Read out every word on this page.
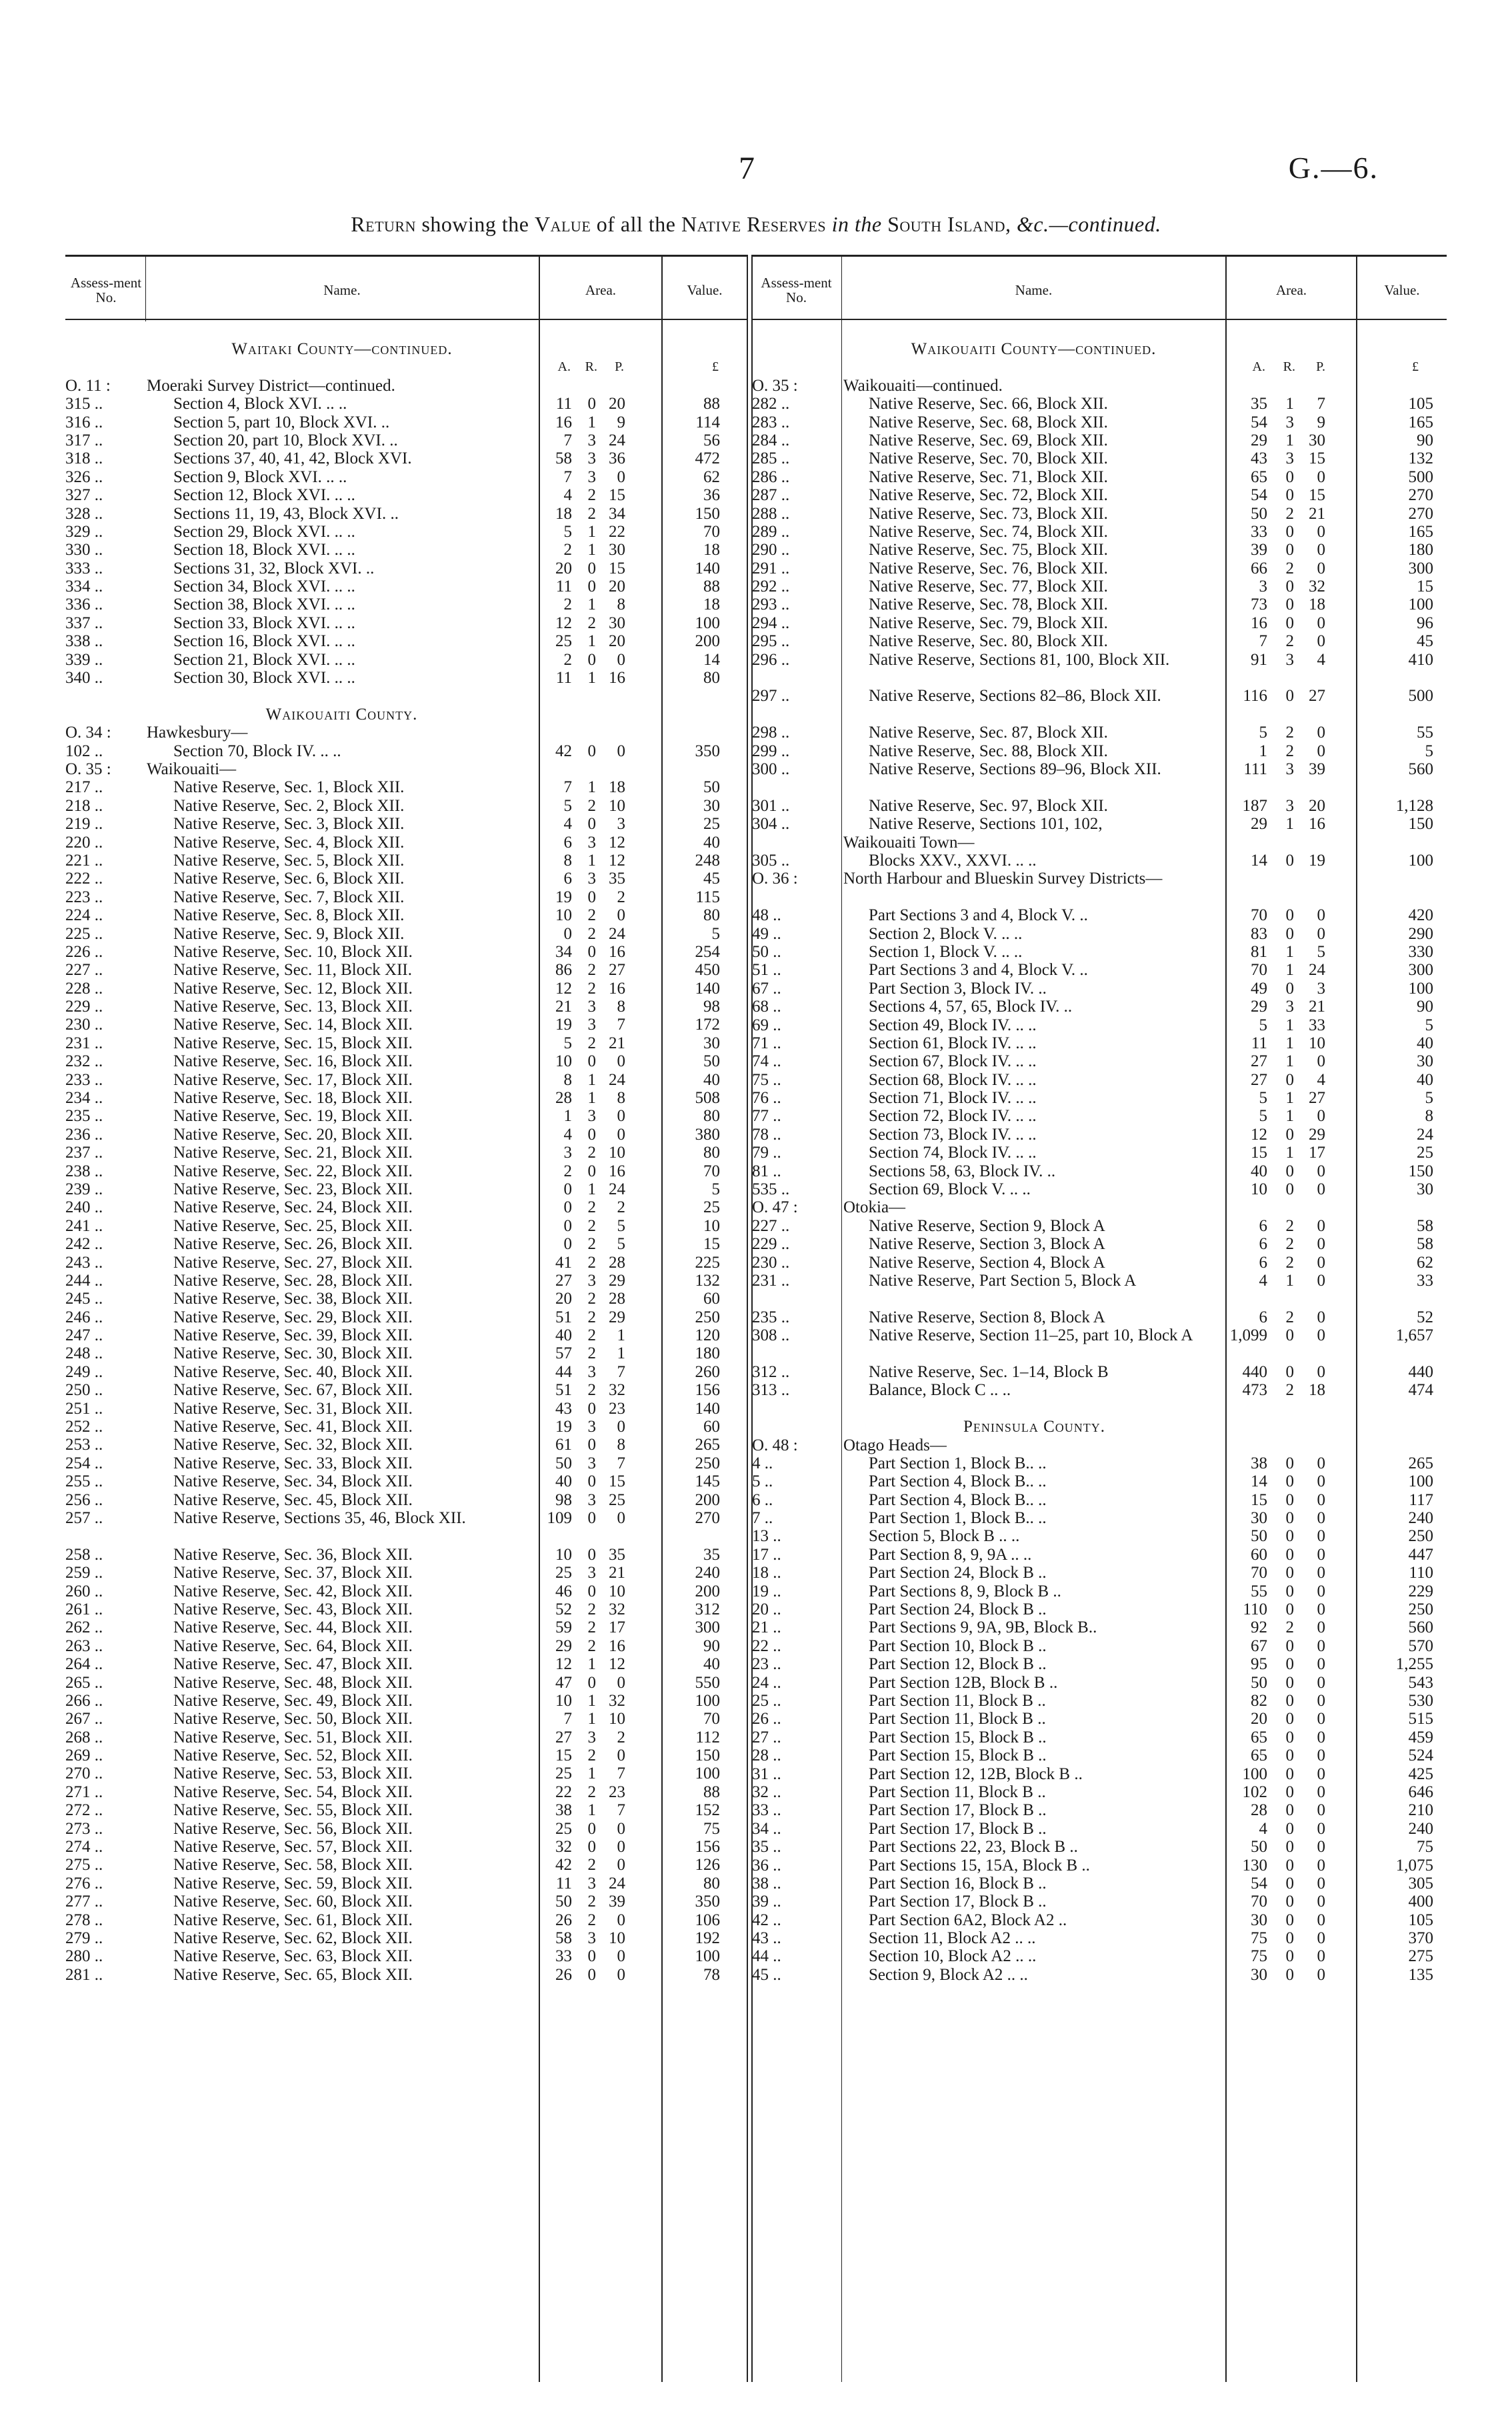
7	G.—6.
Return showing the Value of all the Native Reserves in the South Island, &c.—continued.
Assess-ment No.	Name.	Area.	Value.	Assess-ment No.	Name.	Area.	Value.
Waitaki County—continued.
A.	R.	P.	£
O. 11 :	Moeraki Survey District—continued.
315 ..	Section 4, Block XVI. .. ..	11 0 20	88
316 ..	Section 5, part 10, Block XVI. ..	16 1	9	114
317 ..	Section 20, part 10, Block XVI. ..	7 3 24	56
318 ..	Sections 37, 40, 41, 42, Block XVI.	58 3 36	472
326 ..	Section 9, Block XVI. .. ..	7 3	0	62
327 ..	Section 12, Block XVI. .. ..	4 2 15	36
328 ..	Sections 11, 19, 43, Block XVI. ..	18 2 34	150
329 ..	Section 29, Block XVI. .. ..	5 1 22	70
330 ..	Section 18, Block XVI. .. ..	2 1 30	18
333 ..	Sections 31, 32, Block XVI. ..	20 0 15	140
334 ..	Section 34, Block XVI. .. ..	11 0 20	88
336 ..	Section 38, Block XVI. .. ..	2 1	8	18
337 ..	Section 33, Block XVI. .. ..	12 2 30	100
338 ..	Section 16, Block XVI. .. ..	25 1 20	200
339 ..	Section 21, Block XVI. .. ..	2 0	0	14
340 ..	Section 30, Block XVI. .. ..	11 1 16	80
Waikouaiti County.
O. 34 :	Hawkesbury—
102 ..	Section 70, Block IV. .. ..	42 0	0	350
O. 35 :	Waikouaiti—
217 ..	Native Reserve, Sec. 1, Block XII.	7 1 18	50
218 ..	Native Reserve, Sec. 2, Block XII.	5 2 10	30
219 ..	Native Reserve, Sec. 3, Block XII.	4 0	3	25
220 ..	Native Reserve, Sec. 4, Block XII.	6 3 12	40
221 ..	Native Reserve, Sec. 5, Block XII.	8 1 12	248
222 ..	Native Reserve, Sec. 6, Block XII.	6 3 35	45
223 ..	Native Reserve, Sec. 7, Block XII.	19 0	2	115
224 ..	Native Reserve, Sec. 8, Block XII.	10 2	0	80
225 ..	Native Reserve, Sec. 9, Block XII.	0 2 24	5
226 ..	Native Reserve, Sec. 10, Block XII.	34 0 16	254
227 ..	Native Reserve, Sec. 11, Block XII.	86 2 27	450
228 ..	Native Reserve, Sec. 12, Block XII.	12 2 16	140
229 ..	Native Reserve, Sec. 13, Block XII.	21 3	8	98
230 ..	Native Reserve, Sec. 14, Block XII.	19 3	7	172
231 ..	Native Reserve, Sec. 15, Block XII.	5 2 21	30
232 ..	Native Reserve, Sec. 16, Block XII.	10 0	0	50
233 ..	Native Reserve, Sec. 17, Block XII.	8 1 24	40
234 ..	Native Reserve, Sec. 18, Block XII.	28 1	8	508
235 ..	Native Reserve, Sec. 19, Block XII.	1 3	0	80
236 ..	Native Reserve, Sec. 20, Block XII.	4 0	0	380
237 ..	Native Reserve, Sec. 21, Block XII.	3 2 10	80
238 ..	Native Reserve, Sec. 22, Block XII.	2 0 16	70
239 ..	Native Reserve, Sec. 23, Block XII.	0 1 24	5
240 ..	Native Reserve, Sec. 24, Block XII.	0 2	2	25
241 ..	Native Reserve, Sec. 25, Block XII.	0 2	5	10
242 ..	Native Reserve, Sec. 26, Block XII.	0 2	5	15
243 ..	Native Reserve, Sec. 27, Block XII.	41 2 28	225
244 ..	Native Reserve, Sec. 28, Block XII.	27 3 29	132
245 ..	Native Reserve, Sec. 38, Block XII.	20 2 28	60
246 ..	Native Reserve, Sec. 29, Block XII.	51 2 29	250
247 ..	Native Reserve, Sec. 39, Block XII.	40 2	1	120
248 ..	Native Reserve, Sec. 30, Block XII.	57 2	1	180
249 ..	Native Reserve, Sec. 40, Block XII.	44 3	7	260
250 ..	Native Reserve, Sec. 67, Block XII.	51 2 32	156
251 ..	Native Reserve, Sec. 31, Block XII.	43 0 23	140
252 ..	Native Reserve, Sec. 41, Block XII.	19 3	0	60
253 ..	Native Reserve, Sec. 32, Block XII.	61 0	8	265
254 ..	Native Reserve, Sec. 33, Block XII.	50 3	7	250
255 ..	Native Reserve, Sec. 34, Block XII.	40 0 15	145
256 ..	Native Reserve, Sec. 45, Block XII.	98 3 25	200
257 ..	Native Reserve, Sections 35, 46, Block XII.	109 0	0	270
258 ..	Native Reserve, Sec. 36, Block XII.	10 0 35	35
259 ..	Native Reserve, Sec. 37, Block XII.	25 3 21	240
260 ..	Native Reserve, Sec. 42, Block XII.	46 0 10	200
261 ..	Native Reserve, Sec. 43, Block XII.	52 2 32	312
262 ..	Native Reserve, Sec. 44, Block XII.	59 2 17	300
263 ..	Native Reserve, Sec. 64, Block XII.	29 2 16	90
264 ..	Native Reserve, Sec. 47, Block XII.	12 1 12	40
265 ..	Native Reserve, Sec. 48, Block XII.	47 0	0	550
266 ..	Native Reserve, Sec. 49, Block XII.	10 1 32	100
267 ..	Native Reserve, Sec. 50, Block XII.	7 1 10	70
268 ..	Native Reserve, Sec. 51, Block XII.	27 3	2	112
269 ..	Native Reserve, Sec. 52, Block XII.	15 2	0	150
270 ..	Native Reserve, Sec. 53, Block XII.	25 1	7	100
271 ..	Native Reserve, Sec. 54, Block XII.	22 2 23	88
272 ..	Native Reserve, Sec. 55, Block XII.	38 1	7	152
273 ..	Native Reserve, Sec. 56, Block XII.	25 0	0	75
274 ..	Native Reserve, Sec. 57, Block XII.	32 0	0	156
275 ..	Native Reserve, Sec. 58, Block XII.	42 2	0	126
276 ..	Native Reserve, Sec. 59, Block XII.	11 3 24	80
277 ..	Native Reserve, Sec. 60, Block XII.	50 2 39	350
278 ..	Native Reserve, Sec. 61, Block XII.	26 2	0	106
279 ..	Native Reserve, Sec. 62, Block XII.	58 3 10	192
280 ..	Native Reserve, Sec. 63, Block XII.	33 0	0	100
281 ..	Native Reserve, Sec. 65, Block XII.	26 0	0	78
Waikouaiti County—continued.
A.	R.	P.	£
O. 35 :	Waikouaiti—continued.
282 ..	Native Reserve, Sec. 66, Block XII.	35	1	7	105
283 ..	Native Reserve, Sec. 68, Block XII.	54	3	9	165
284 ..	Native Reserve, Sec. 69, Block XII.	29	1 30	90
285 ..	Native Reserve, Sec. 70, Block XII.	43	3 15	132
286 ..	Native Reserve, Sec. 71, Block XII.	65	0	0	500
287 ..	Native Reserve, Sec. 72, Block XII.	54	0 15	270
288 ..	Native Reserve, Sec. 73, Block XII.	50	2 21	270
289 ..	Native Reserve, Sec. 74, Block XII.	33	0	0	165
290 ..	Native Reserve, Sec. 75, Block XII.	39	0	0	180
291 ..	Native Reserve, Sec. 76, Block XII.	66	2	0	300
292 ..	Native Reserve, Sec. 77, Block XII.	3	0 32	15
293 ..	Native Reserve, Sec. 78, Block XII.	73	0 18	100
294 ..	Native Reserve, Sec. 79, Block XII.	16	0	0	96
295 ..	Native Reserve, Sec. 80, Block XII.	7	2	0	45
296 ..	Native Reserve, Sections 81, 100, Block XII.	91	3	4	410
297 ..	Native Reserve, Sections 82–86, Block XII.	116	0 27	500
298 ..	Native Reserve, Sec. 87, Block XII.	5	2	0	55
299 ..	Native Reserve, Sec. 88, Block XII.	1	2	0	5
300 ..	Native Reserve, Sections 89–96, Block XII.	111	3 39	560
301 ..	Native Reserve, Sec. 97, Block XII.	187	3 20	1,128
304 ..	Native Reserve, Sections 101, 102,	29	1 16	150
Waikouaiti Town—
305 ..	Blocks XXV., XXVI. .. ..	14	0 19	100
O. 36 :	North Harbour and Blueskin Survey Districts—
48 ..	Part Sections 3 and 4, Block V. ..	70	0	0	420
49 ..	Section 2, Block V. .. ..	83	0	0	290
50 ..	Section 1, Block V. .. ..	81	1	5	330
51 ..	Part Sections 3 and 4, Block V. ..	70	1 24	300
67 ..	Part Section 3, Block IV. ..	49	0	3	100
68 ..	Sections 4, 57, 65, Block IV. ..	29	3 21	90
69 ..	Section 49, Block IV. .. ..	5	1 33	5
71 ..	Section 61, Block IV. .. ..	11	1 10	40
74 ..	Section 67, Block IV. .. ..	27	1	0	30
75 ..	Section 68, Block IV. .. ..	27	0	4	40
76 ..	Section 71, Block IV. .. ..	5	1 27	5
77 ..	Section 72, Block IV. .. ..	5	1	0	8
78 ..	Section 73, Block IV. .. ..	12	0 29	24
79 ..	Section 74, Block IV. .. ..	15	1 17	25
81 ..	Sections 58, 63, Block IV. ..	40	0	0	150
535 ..	Section 69, Block V. .. ..	10	0	0	30
O. 47 :	Otokia—
227 ..	Native Reserve, Section 9, Block A	6	2	0	58
229 ..	Native Reserve, Section 3, Block A	6	2	0	58
230 ..	Native Reserve, Section 4, Block A	6	2	0	62
231 ..	Native Reserve, Part Section 5, Block A	4	1	0	33
235 ..	Native Reserve, Section 8, Block A	6	2	0	52
308 ..	Native Reserve, Section 11–25, part 10, Block A	1,099	0	0	1,657
312 ..	Native Reserve, Sec. 1–14, Block B	440	0	0	440
313 ..	Balance, Block C .. ..	473	2 18	474
Peninsula County.
O. 48 :	Otago Heads—
4 ..	Part Section 1, Block B.. ..	38	0	0	265
5 ..	Part Section 4, Block B.. ..	14	0	0	100
6 ..	Part Section 4, Block B.. ..	15	0	0	117
7 ..	Part Section 1, Block B.. ..	30	0	0	240
13 ..	Section 5, Block B .. ..	50	0	0	250
17 ..	Part Section 8, 9, 9A .. ..	60	0	0	447
18 ..	Part Section 24, Block B ..	70	0	0	110
19 ..	Part Sections 8, 9, Block B ..	55	0	0	229
20 ..	Part Section 24, Block B ..	110	0	0	250
21 ..	Part Sections 9, 9A, 9B, Block B..	92	2	0	560
22 ..	Part Section 10, Block B ..	67	0	0	570
23 ..	Part Section 12, Block B ..	95	0	0	1,255
24 ..	Part Section 12B, Block B ..	50	0	0	543
25 ..	Part Section 11, Block B ..	82	0	0	530
26 ..	Part Section 11, Block B ..	20	0	0	515
27 ..	Part Section 15, Block B ..	65	0	0	459
28 ..	Part Section 15, Block B ..	65	0	0	524
31 ..	Part Section 12, 12B, Block B ..	100	0	0	425
32 ..	Part Section 11, Block B ..	102	0	0	646
33 ..	Part Section 17, Block B ..	28	0	0	210
34 ..	Part Section 17, Block B ..	4	0	0	240
35 ..	Part Sections 22, 23, Block B ..	50	0	0	75
36 ..	Part Sections 15, 15A, Block B ..	130	0	0	1,075
38 ..	Part Section 16, Block B ..	54	0	0	305
39 ..	Part Section 17, Block B ..	70	0	0	400
42 ..	Part Section 6A2, Block A2 ..	30	0	0	105
43 ..	Section 11, Block A2 .. ..	75	0	0	370
44 ..	Section 10, Block A2 .. ..	75	0	0	275
45 ..	Section 9, Block A2 .. ..	30	0	0	135
